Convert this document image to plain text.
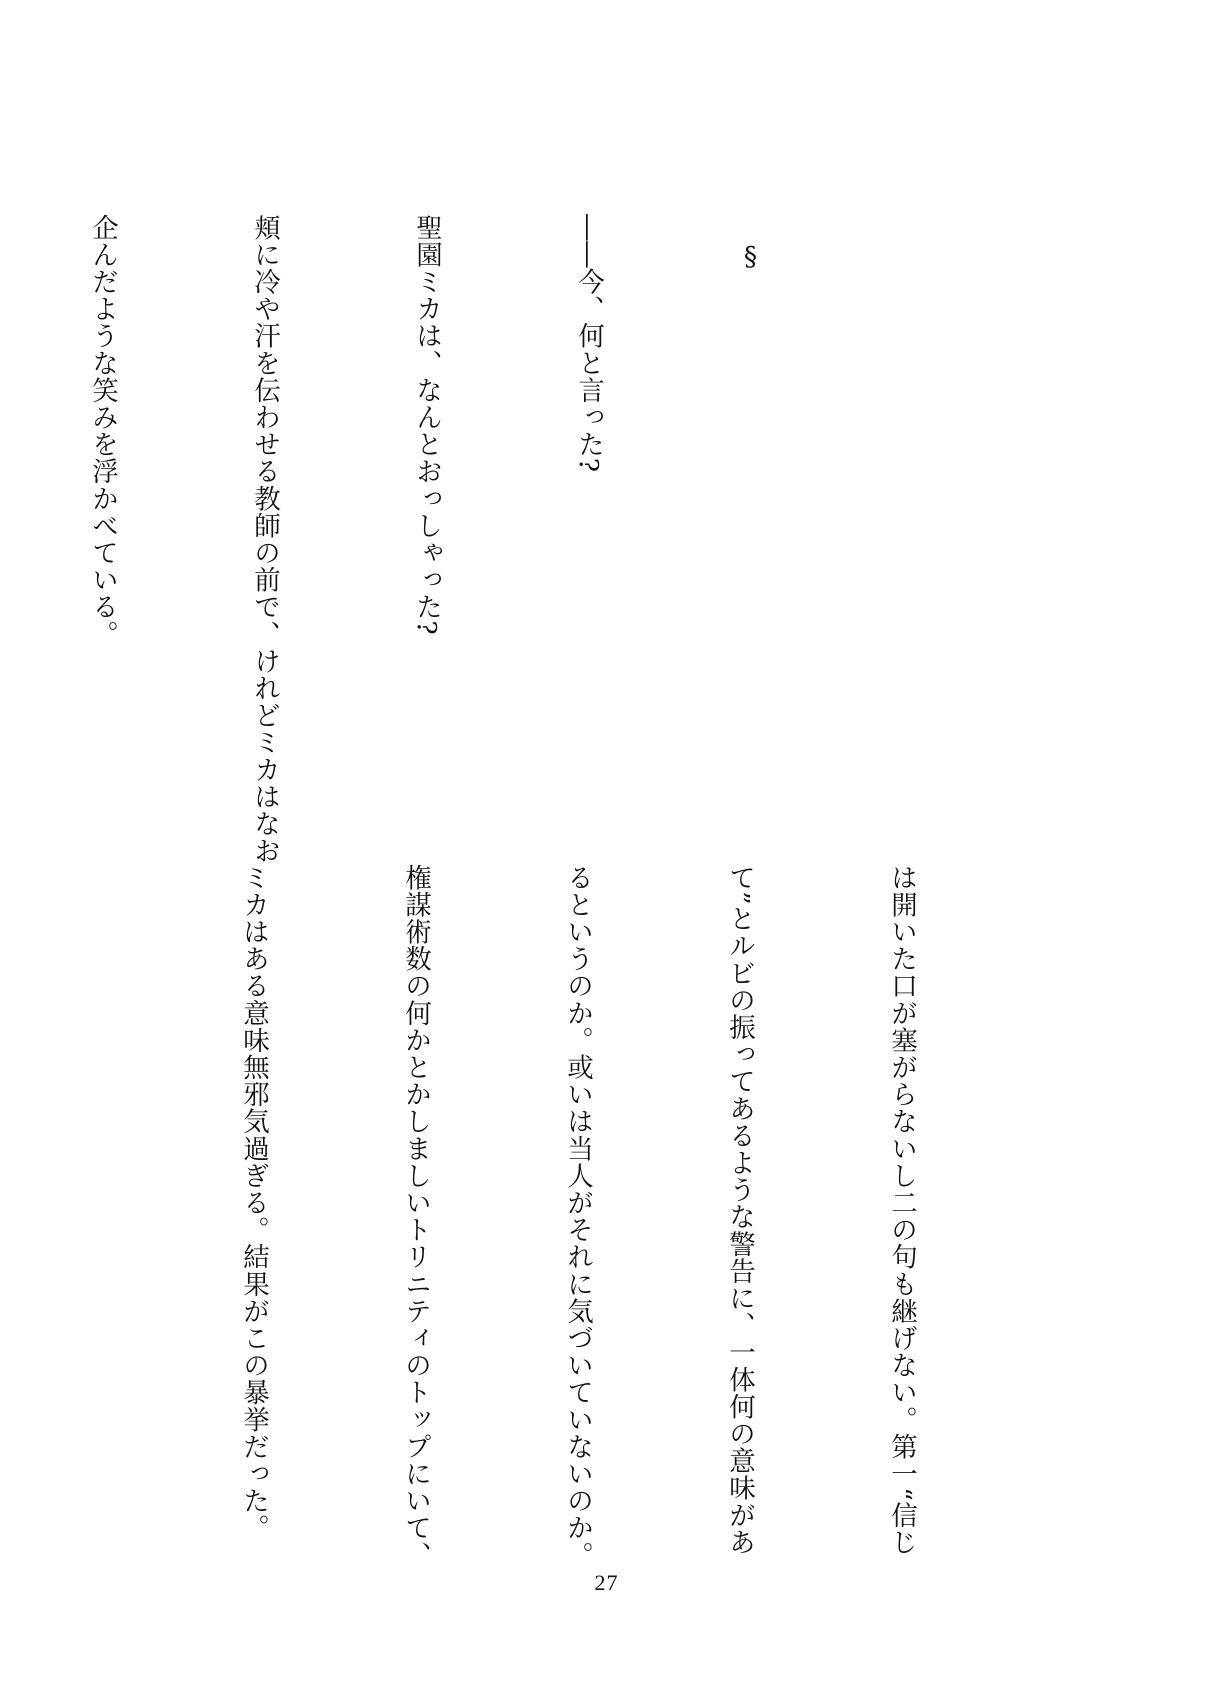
　§

――今、何と言った?

聖園ミカは、なんとおっしゃった?

頬に冷や汗を伝わせる教師の前で、けれどミカはなお

企んだような笑みを浮かべている。

は開いた口が塞がらないし二の句も継げない。第一“信じ

て”とルビの振ってあるような警告に、一体何の意味があ

るというのか。或いは当人がそれに気づいていないのか。

権謀術数の何かとかしましいトリニティのトップにいて、

ミカはある意味無邪気過ぎる。結果がこの暴挙だった。

27
